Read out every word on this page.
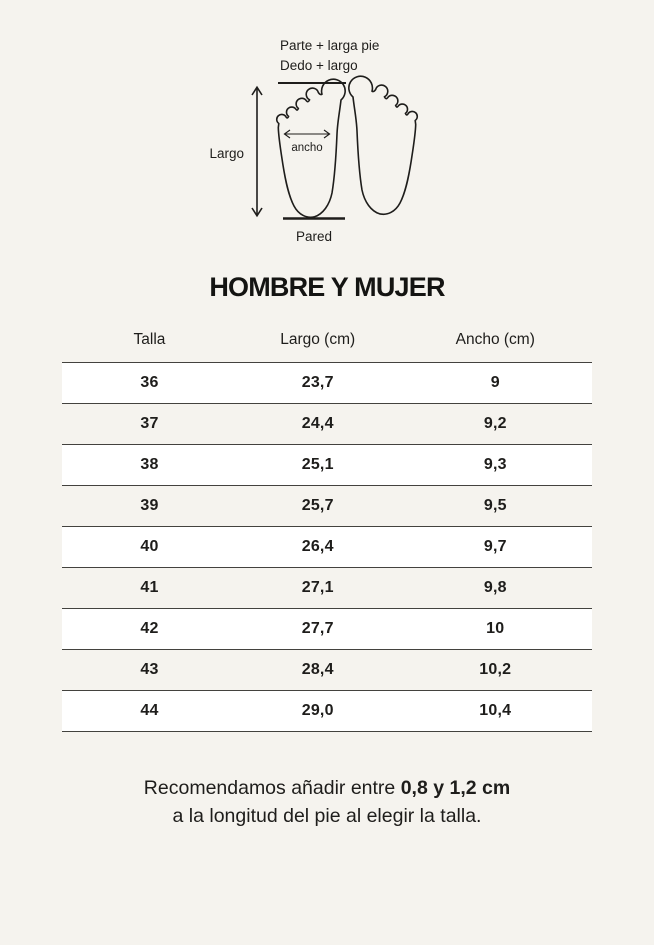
Parte + larga pie
Dedo + largo
Largo	ancho
Pared
HOMBRE Y MUJER
Talla	Largo (cm)	Ancho (cm)
36	23,7	9
37	24,4	9,2
38	25,1	9,3
39	25,7	9,5
40	26,4	9,7
41	27,1	9,8
42	27,7	10
43	28,4	10,2
44	29,0	10,4

Recomendamos añadir entre 0,8 y 1,2 cm
a la longitud del pie al elegir la talla.
